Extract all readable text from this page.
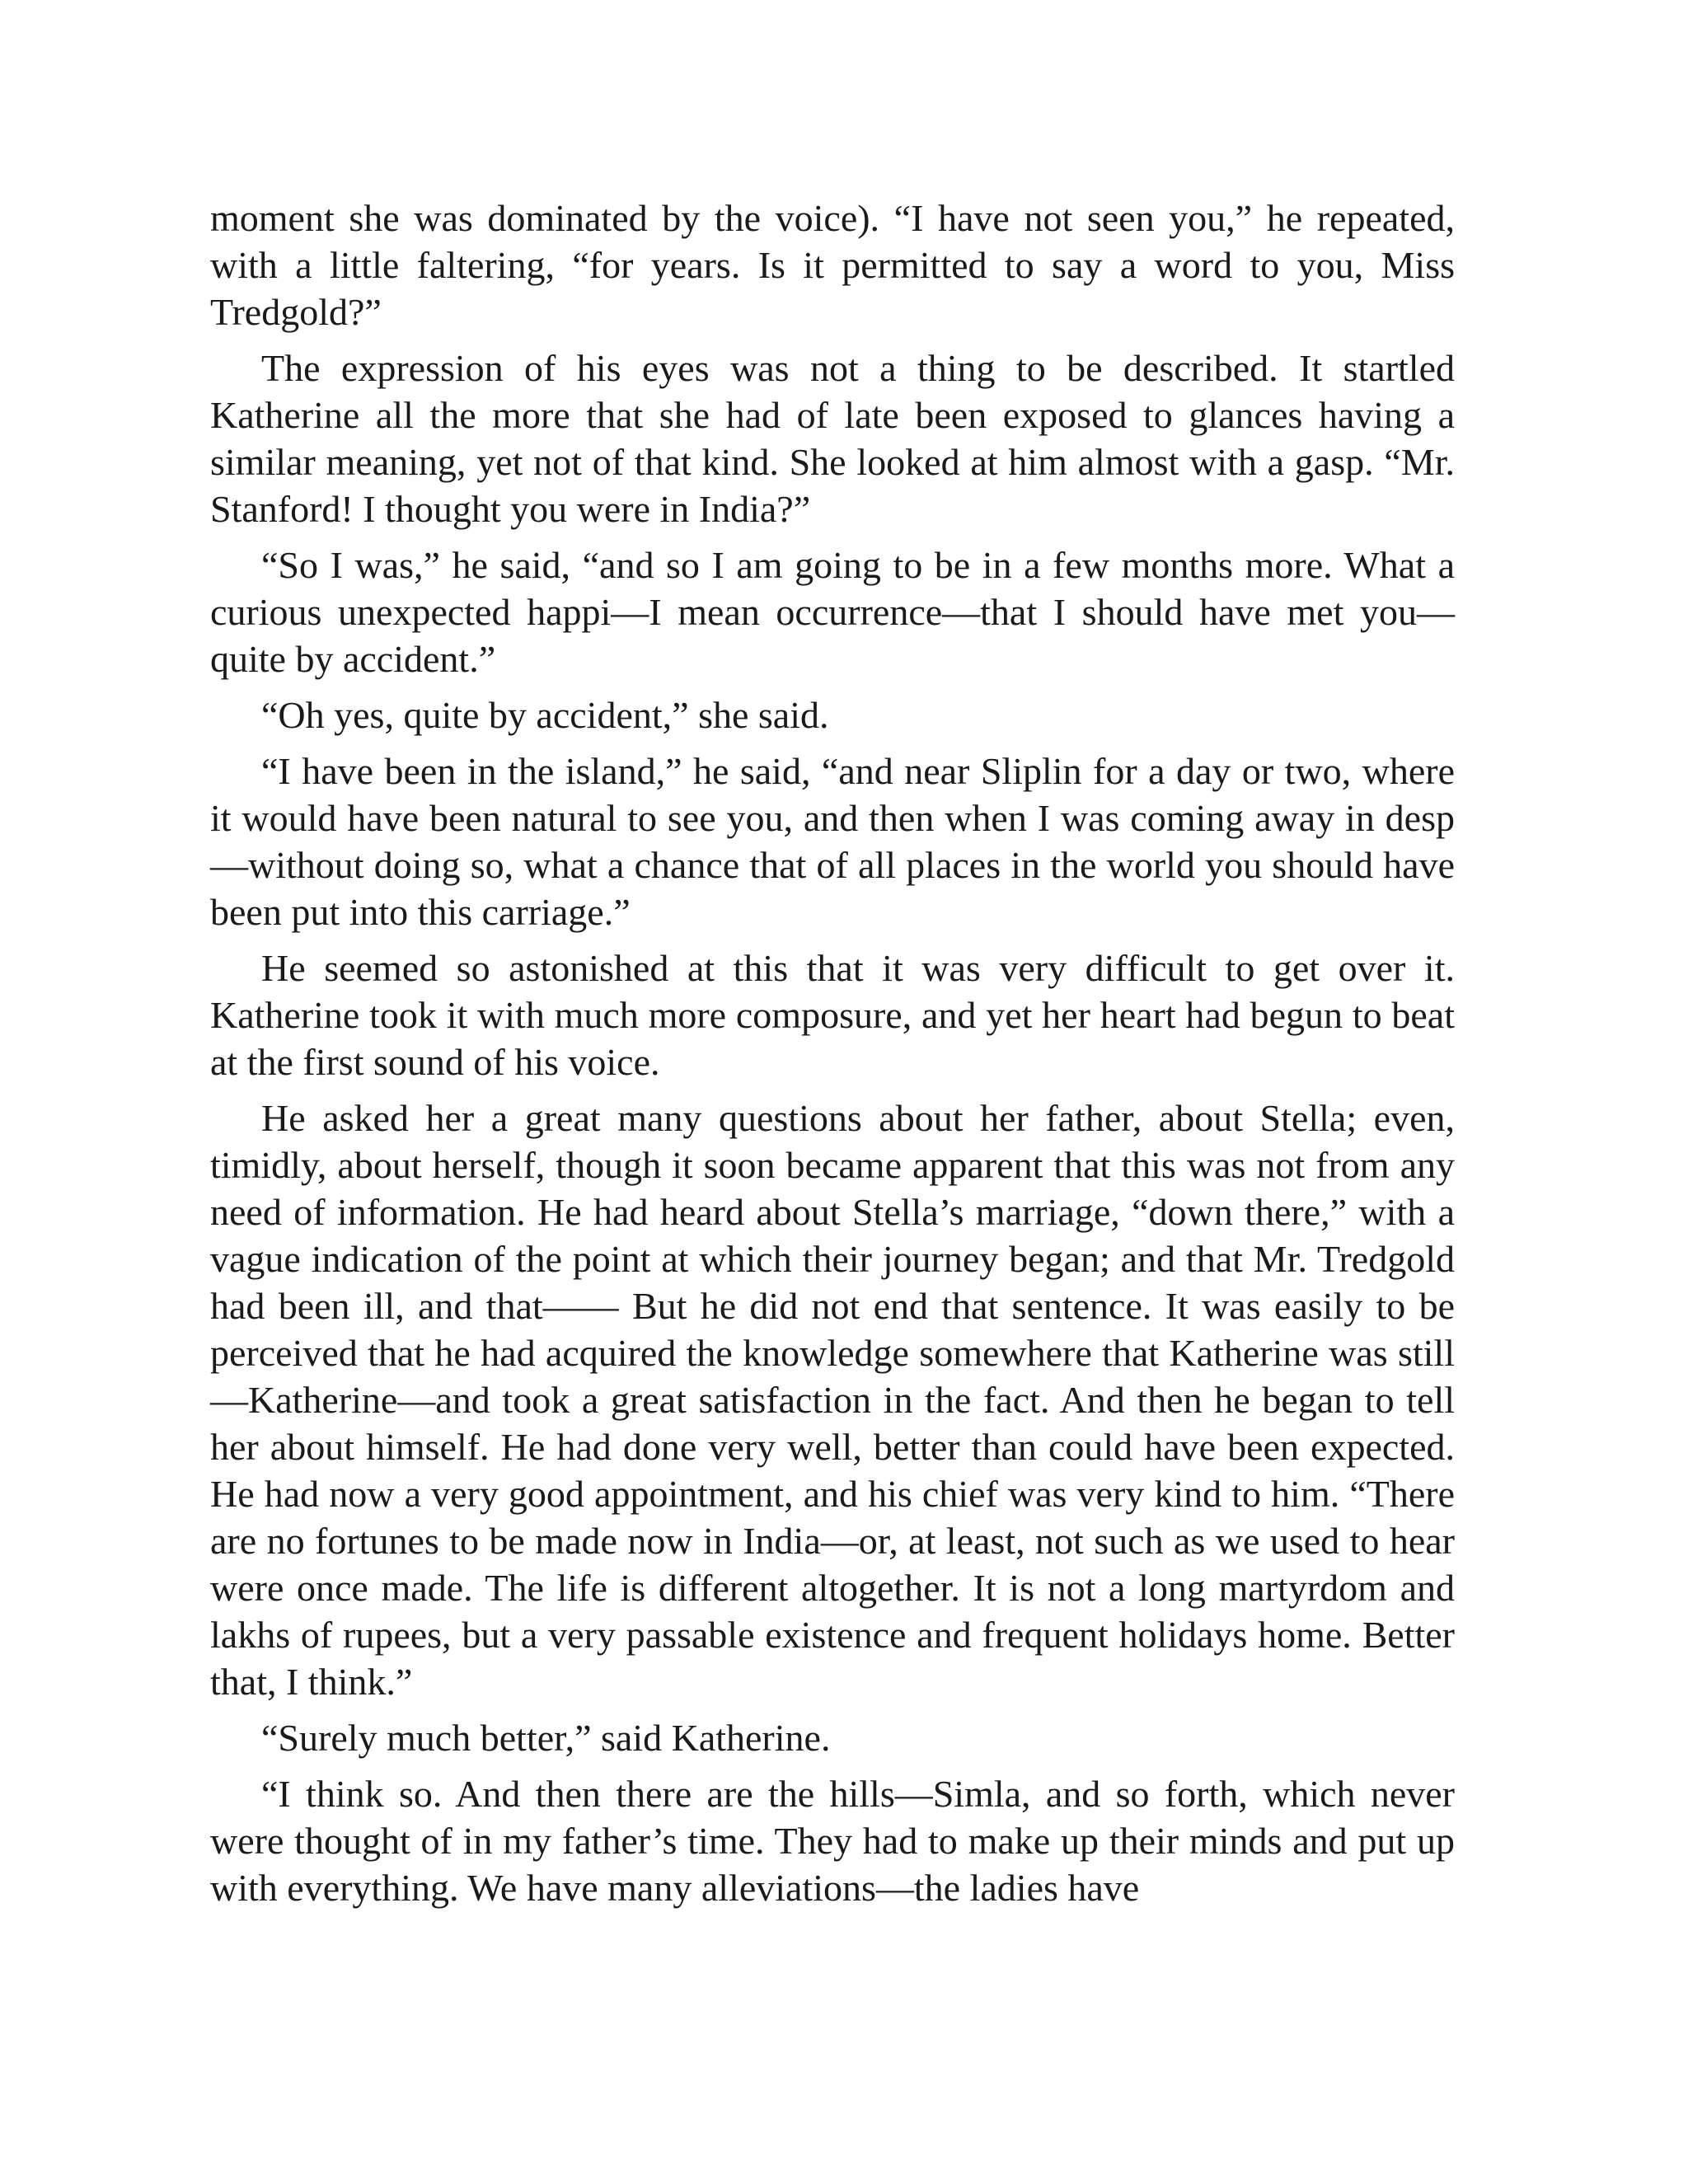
moment she was dominated by the voice). “I have not seen you,” he repeated, with a little faltering, “for years. Is it permitted to say a word to you, Miss Tredgold?”

The expression of his eyes was not a thing to be described. It startled Katherine all the more that she had of late been exposed to glances having a similar meaning, yet not of that kind. She looked at him almost with a gasp. “Mr. Stanford! I thought you were in India?”

“So I was,” he said, “and so I am going to be in a few months more. What a curious unexpected happi—I mean occurrence—that I should have met you—quite by accident.”

“Oh yes, quite by accident,” she said.

“I have been in the island,” he said, “and near Sliplin for a day or two, where it would have been natural to see you, and then when I was coming away in desp—without doing so, what a chance that of all places in the world you should have been put into this carriage.”

He seemed so astonished at this that it was very difficult to get over it. Katherine took it with much more composure, and yet her heart had begun to beat at the first sound of his voice.

He asked her a great many questions about her father, about Stella; even, timidly, about herself, though it soon became apparent that this was not from any need of information. He had heard about Stella’s marriage, “down there,” with a vague indication of the point at which their journey began; and that Mr. Tredgold had been ill, and that—— But he did not end that sentence. It was easily to be perceived that he had acquired the knowledge somewhere that Katherine was still—Katherine—and took a great satisfaction in the fact. And then he began to tell her about himself. He had done very well, better than could have been expected. He had now a very good appointment, and his chief was very kind to him. “There are no fortunes to be made now in India—or, at least, not such as we used to hear were once made. The life is different altogether. It is not a long martyrdom and lakhs of rupees, but a very passable existence and frequent holidays home. Better that, I think.”

“Surely much better,” said Katherine.

“I think so. And then there are the hills—Simla, and so forth, which never were thought of in my father’s time. They had to make up their minds and put up with everything. We have many alleviations—the ladies have
